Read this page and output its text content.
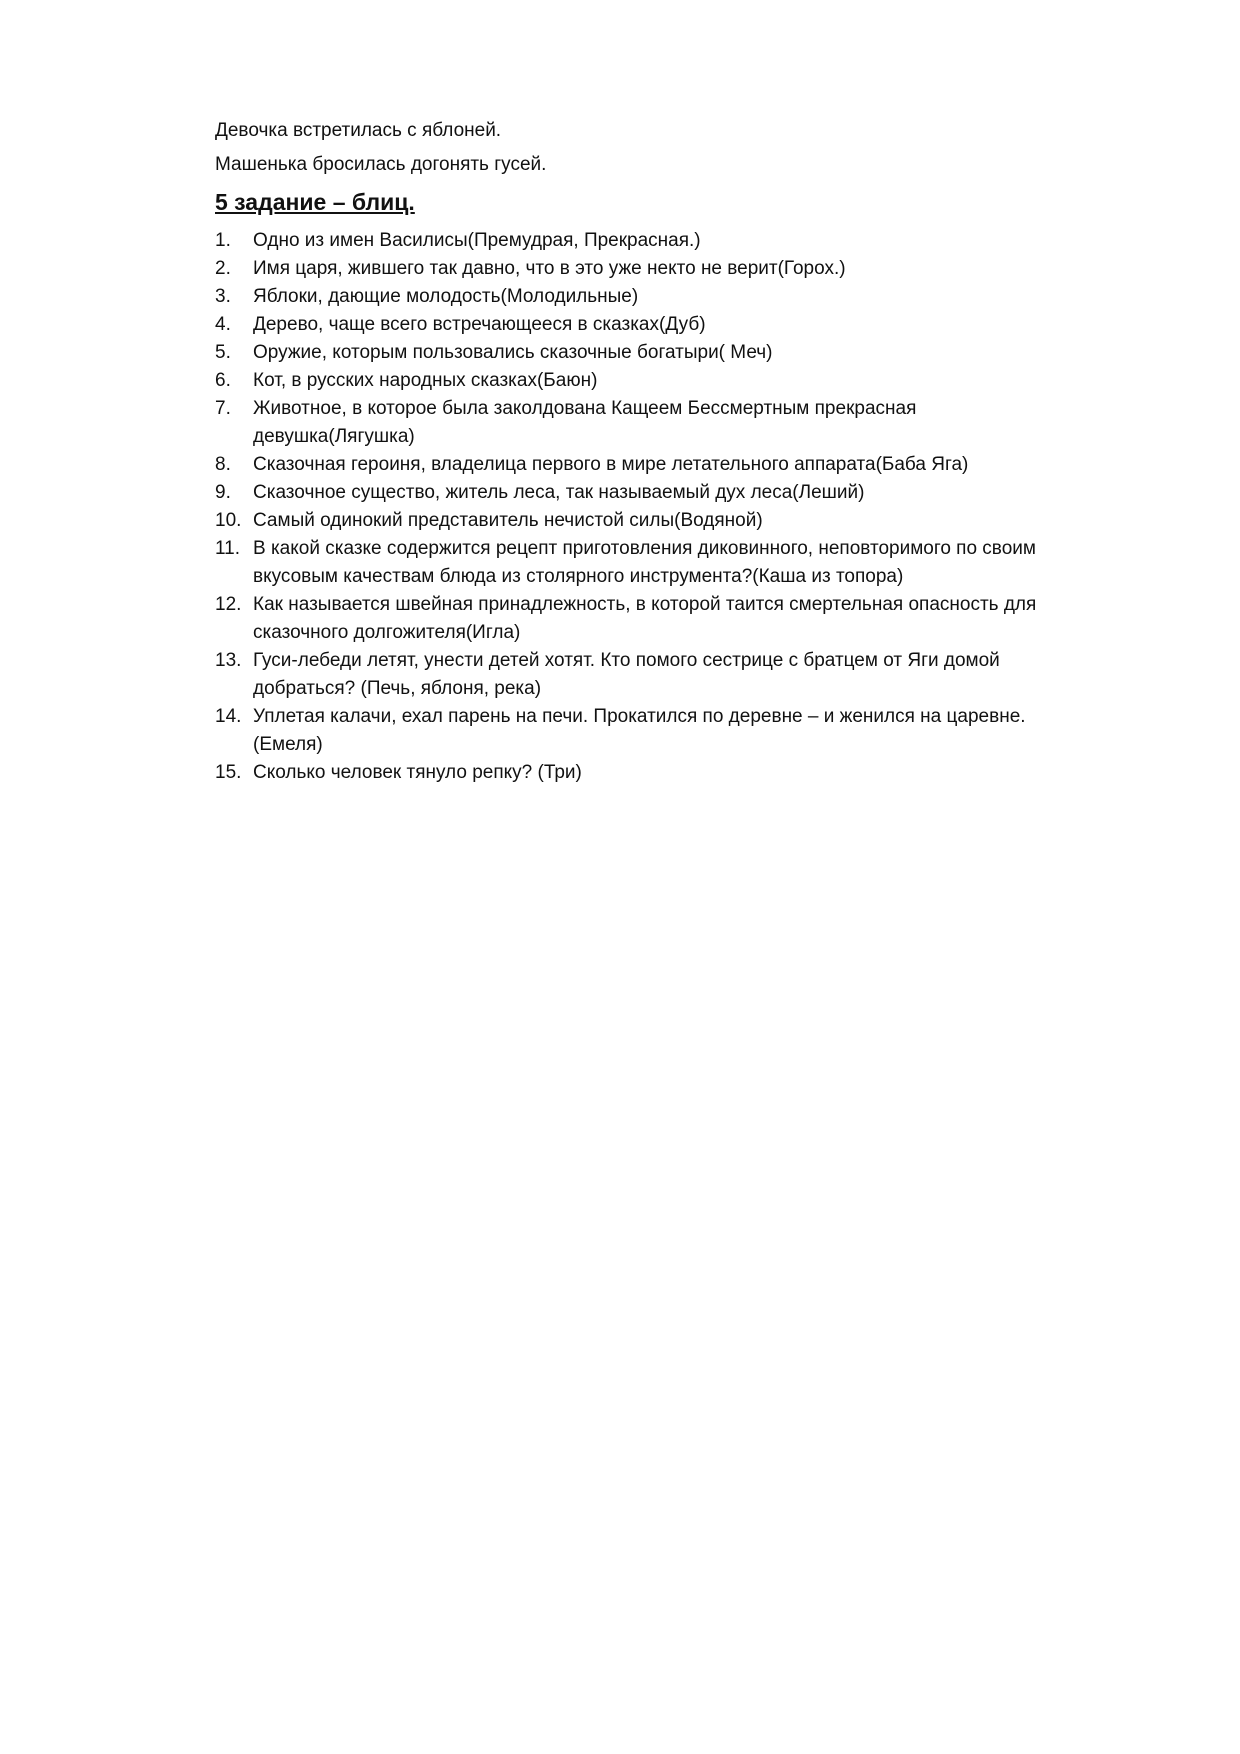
Девочка встретилась с яблоней.

Машенька бросилась догонять гусей.

5 задание – блиц.
1.	Одно из имен Василисы(Премудрая, Прекрасная.)
2.	Имя царя, жившего так давно, что в это уже некто не верит(Горох.)
3.	Яблоки, дающие молодость(Молодильные)
4.	Дерево, чаще всего встречающееся в сказках(Дуб)
5.	Оружие, которым пользовались сказочные богатыри( Меч)
6.	Кот, в русских народных сказках(Баюн)
7.	Животное, в которое была заколдована Кащеем Бессмертным прекрасная
девушка(Лягушка)
8.	Сказочная героиня, владелица первого в мире летательного аппарата(Баба Яга)
9.	Сказочное существо, житель леса, так называемый дух леса(Леший)
10. Самый одинокий представитель нечистой силы(Водяной)
11. В какой сказке содержится рецепт приготовления диковинного, неповторимого по своим
вкусовым качествам блюда из столярного инструмента?(Каша из топора)
12. Как называется швейная принадлежность, в которой таится смертельная опасность для
сказочного долгожителя(Игла)
13. Гуси-лебеди летят, унести детей хотят. Кто помого сестрице с братцем от Яги домой
добраться? (Печь, яблоня, река)
14. Уплетая калачи, ехал парень на печи. Прокатился по деревне – и женился на царевне.
(Емеля)
15. Сколько человек тянуло репку? (Три)
